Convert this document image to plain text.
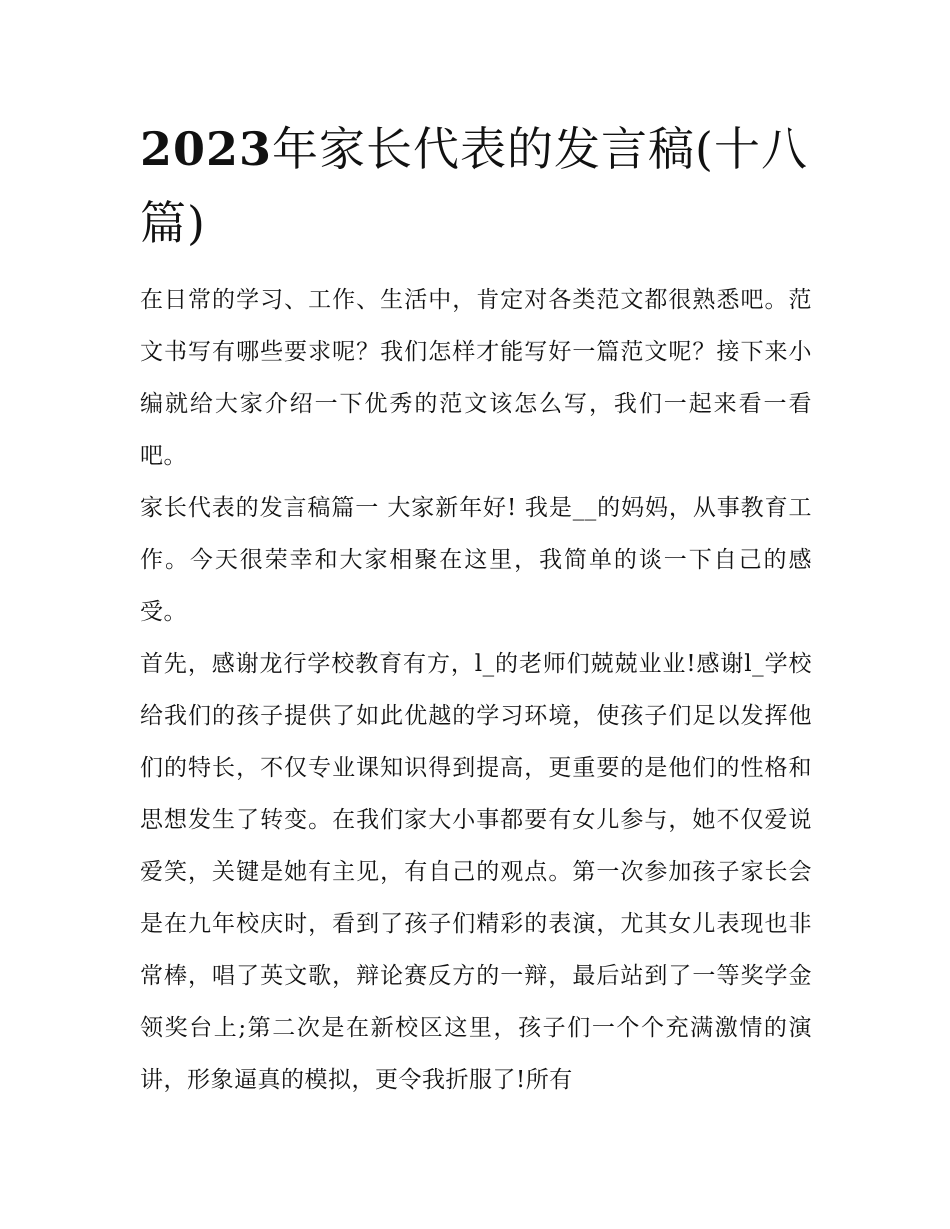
2023年家长代表的发言稿(十八篇)

在日常的学习、工作、生活中，肯定对各类范文都很熟悉吧。范文书写有哪些要求呢？我们怎样才能写好一篇范文呢？接下来小编就给大家介绍一下优秀的范文该怎么写，我们一起来看一看吧。

家长代表的发言稿篇一 大家新年好! 我是__的妈妈，从事教育工作。今天很荣幸和大家相聚在这里，我简单的谈一下自己的感受。

首先，感谢龙行学校教育有方，l_的老师们兢兢业业!感谢l_学校给我们的孩子提供了如此优越的学习环境，使孩子们足以发挥他们的特长，不仅专业课知识得到提高，更重要的是他们的性格和思想发生了转变。在我们家大小事都要有女儿参与，她不仅爱说爱笑，关键是她有主见，有自己的观点。第一次参加孩子家长会是在九年校庆时，看到了孩子们精彩的表演，尤其女儿表现也非常棒，唱了英文歌，辩论赛反方的一辩，最后站到了一等奖学金领奖台上;第二次是在新校区这里，孩子们一个个充满激情的演讲，形象逼真的模拟，更令我折服了!所有
